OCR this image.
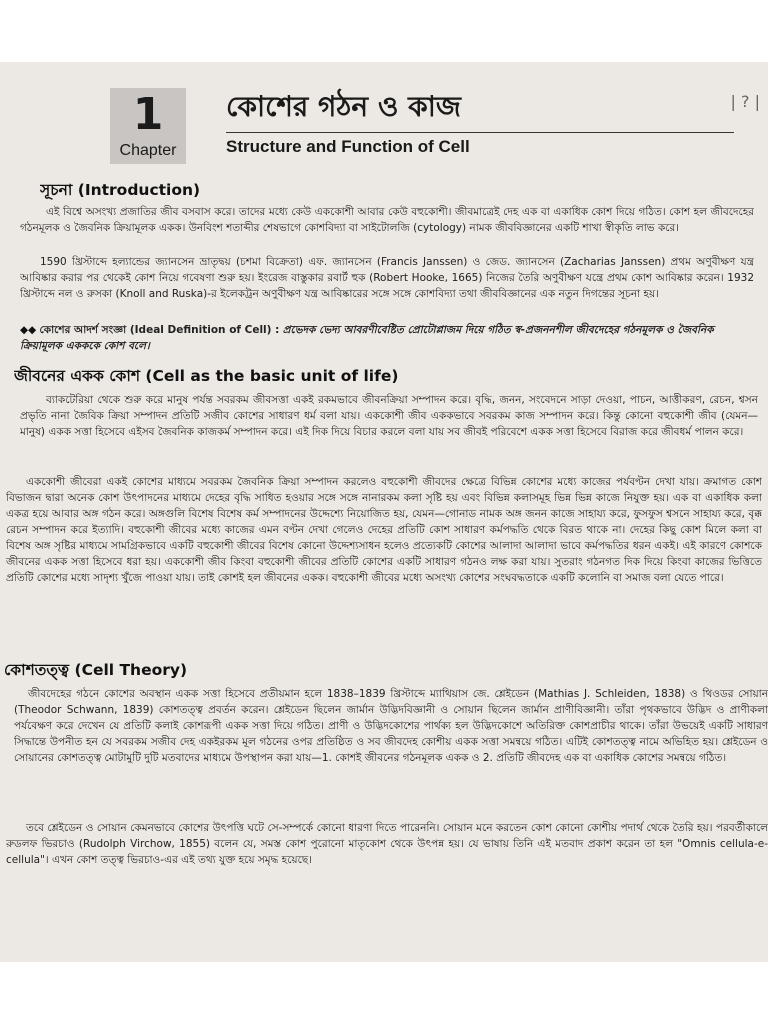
1
Chapter
কোশের গঠন ও কাজ
Structure and Function of Cell
| ? |
সূচনা (Introduction)
এই বিশ্বে অসংখ্য প্রজাতির জীব বসবাস করে। তাদের মধ্যে কেউ এককোশী আবার কেউ বহুকোশী। জীবমাত্রেই দেহ এক বা একাধিক কোশ দিয়ে গঠিত। কোশ হল জীবদেহের গঠনমূলক ও জৈবনিক ক্রিয়ামূলক একক। উনবিংশ শতাব্দীর শেষভাগে কোশবিদ্যা বা সাইটোলজি (cytology) নামক জীববিজ্ঞানের একটি শাখা স্বীকৃতি লাভ করে।
1590 খ্রিস্টাব্দে হল্যান্ডের জ্যানসেন ভ্রাতৃদ্বয় (চশমা বিক্রেতা) এফ. জ্যানসেন (Francis Janssen) ও জেড. জ্যানসেন (Zacharias Janssen) প্রথম অণুবীক্ষণ যন্ত্র আবিষ্কার করার পর থেকেই কোশ নিয়ে গবেষণা শুরু হয়। ইংরেজ বাস্তুকার রবার্ট হুক (Robert Hooke, 1665) নিজের তৈরি অণুবীক্ষণ যন্ত্রে প্রথম কোশ আবিষ্কার করেন। 1932 খ্রিস্টাব্দে নল ও রুসকা (Knoll and Ruska)-র ইলেকট্রন অণুবীক্ষণ যন্ত্র আবিষ্কারের সঙ্গে সঙ্গে কোশবিদ্যা তথা জীববিজ্ঞানের এক নতুন দিগন্তের সূচনা হয়।
◆◆ কোশের আদর্শ সংজ্ঞা (Ideal Definition of Cell) : প্রভেদক ভেদ্য আবরণীবেষ্টিত প্রোটোপ্লাজম দিয়ে গঠিত স্ব-প্রজননশীল জীবদেহের গঠনমূলক ও জৈবনিক ক্রিয়ামূলক একককে কোশ বলে।
জীবনের একক কোশ (Cell as the basic unit of life)
ব্যাকটেরিয়া থেকে শুরু করে মানুষ পর্যন্ত সবরকম জীবসত্তা একই রকমভাবে জীবনক্রিয়া সম্পাদন করে। বৃদ্ধি, জনন, সংবেদনে সাড়া দেওয়া, পাচন, আত্তীকরণ, রেচন, শ্বসন প্রভৃতি নানা জৈবিক ক্রিয়া সম্পাদন প্রতিটি সজীব কোশের সাধারণ ধর্ম বলা যায়। এককোশী জীব এককভাবে সবরকম কাজ সম্পাদন করে। কিন্তু কোনো বহুকোশী জীব (যেমন—মানুষ) একক সত্তা হিসেবে এইসব জৈবনিক কাজকর্ম সম্পাদন করে। এই দিক দিয়ে বিচার করলে বলা যায় সব জীবই পরিবেশে একক সত্তা হিসেবে বিরাজ করে জীবধর্ম পালন করে।
এককোশী জীবেরা একই কোশের মাধ্যমে সবরকম জৈবনিক ক্রিয়া সম্পাদন করলেও বহুকোশী জীবদের ক্ষেত্রে বিভিন্ন কোশের মধ্যে কাজের পর্যবণ্টন দেখা যায়। ক্রমাগত কোশ বিভাজন দ্বারা অনেক কোশ উৎপাদনের মাধ্যমে দেহের বৃদ্ধি সাধিত হওয়ার সঙ্গে সঙ্গে নানারকম কলা সৃষ্টি হয় এবং বিভিন্ন কলাসমূহ ভিন্ন ভিন্ন কাজে নিযুক্ত হয়। এক বা একাধিক কলা একত্র হয়ে আবার অঙ্গ গঠন করে। অঙ্গগুলি বিশেষ বিশেষ কর্ম সম্পাদনের উদ্দেশ্যে নিয়োজিত হয়, যেমন—গোনাড নামক অঙ্গ জনন কাজে সাহায্য করে, ফুসফুস শ্বসনে সাহায্য করে, বৃক্ক রেচন সম্পাদন করে ইত্যাদি। বহুকোশী জীবের মধ্যে কাজের এমন বণ্টন দেখা গেলেও দেহের প্রতিটি কোশ সাধারণ কর্মপদ্ধতি থেকে বিরত থাকে না। দেহের কিছু কোশ মিলে কলা বা বিশেষ অঙ্গ সৃষ্টির মাধ্যমে সামগ্রিকভাবে একটি বহুকোশী জীবের বিশেষ কোনো উদ্দেশ্যসাধন হলেও প্রত্যেকটি কোশের আলাদা আলাদা ভাবে কর্মপদ্ধতির ধরন একই। এই কারণে কোশকে জীবনের একক সত্তা হিসেবে ধরা হয়। এককোশী জীব কিংবা বহুকোশী জীবের প্রতিটি কোশের একটি সাধারণ গঠনও লক্ষ করা যায়। সুতরাং গঠনগত দিক দিয়ে কিংবা কাজের ভিত্তিতে প্রতিটি কোশের মধ্যে সাদৃশ্য খুঁজে পাওয়া যায়। তাই কোশই হল জীবনের একক। বহুকোশী জীবের মধ্যে অসংখ্য কোশের সংঘবদ্ধতাকে একটি কলোনি বা সমাজ বলা যেতে পারে।
কোশতত্ত্ব (Cell Theory)
জীবদেহের গঠনে কোশের অবস্থান একক সত্তা হিসেবে প্রতীয়মান হলে 1838–1839 খ্রিস্টাব্দে ম্যাথিয়াস জে. শ্লেইডেন (Mathias J. Schleiden, 1838) ও থিওডর সোয়ান (Theodor Schwann, 1839) কোশতত্ত্ব প্রবর্তন করেন। শ্লেইডেন ছিলেন জার্মান উদ্ভিদবিজ্ঞানী ও সোয়ান ছিলেন জার্মান প্রাণীবিজ্ঞানী। তাঁরা পৃথকভাবে উদ্ভিদ ও প্রাণীকলা পর্যবেক্ষণ করে দেখেন যে প্রতিটি কলাই কোশরূপী একক সত্তা দিয়ে গঠিত। প্রাণী ও উদ্ভিদকোশের পার্থক্য হল উদ্ভিদকোশে অতিরিক্ত কোশপ্রাচীর থাকে। তাঁরা উভয়েই একটি সাধারণ সিদ্ধান্তে উপনীত হন যে সবরকম সজীব দেহ একইরকম মূল গঠনের ওপর প্রতিষ্ঠিত ও সব জীবদেহ কোশীয় একক সত্তা সমন্বয়ে গঠিত। এটিই কোশতত্ত্ব নামে অভিহিত হয়। শ্লেইডেন ও সোয়ানের কোশতত্ত্ব মোটামুটি দুটি মতবাদের মাধ্যমে উপস্থাপন করা যায়—1. কোশই জীবনের গঠনমূলক একক ও 2. প্রতিটি জীবদেহ এক বা একাধিক কোশের সমন্বয়ে গঠিত।
তবে শ্লেইডেন ও সোয়ান কেমনভাবে কোশের উৎপত্তি ঘটে সে-সম্পর্কে কোনো ধারণা দিতে পারেননি। সোয়ান মনে করতেন কোশ কোনো কোশীয় পদার্থ থেকে তৈরি হয়। পরবর্তীকালে রুডলফ ভিরচাও (Rudolph Virchow, 1855) বলেন যে, সমস্ত কোশ পুরোনো মাতৃকোশ থেকে উৎপন্ন হয়। যে ভাষায় তিনি এই মতবাদ প্রকাশ করেন তা হল "Omnis cellula-e-cellula"। এখন কোশ তত্ত্ব ভিরচাও-এর এই তথ্য যুক্ত হয়ে সমৃদ্ধ হয়েছে।
